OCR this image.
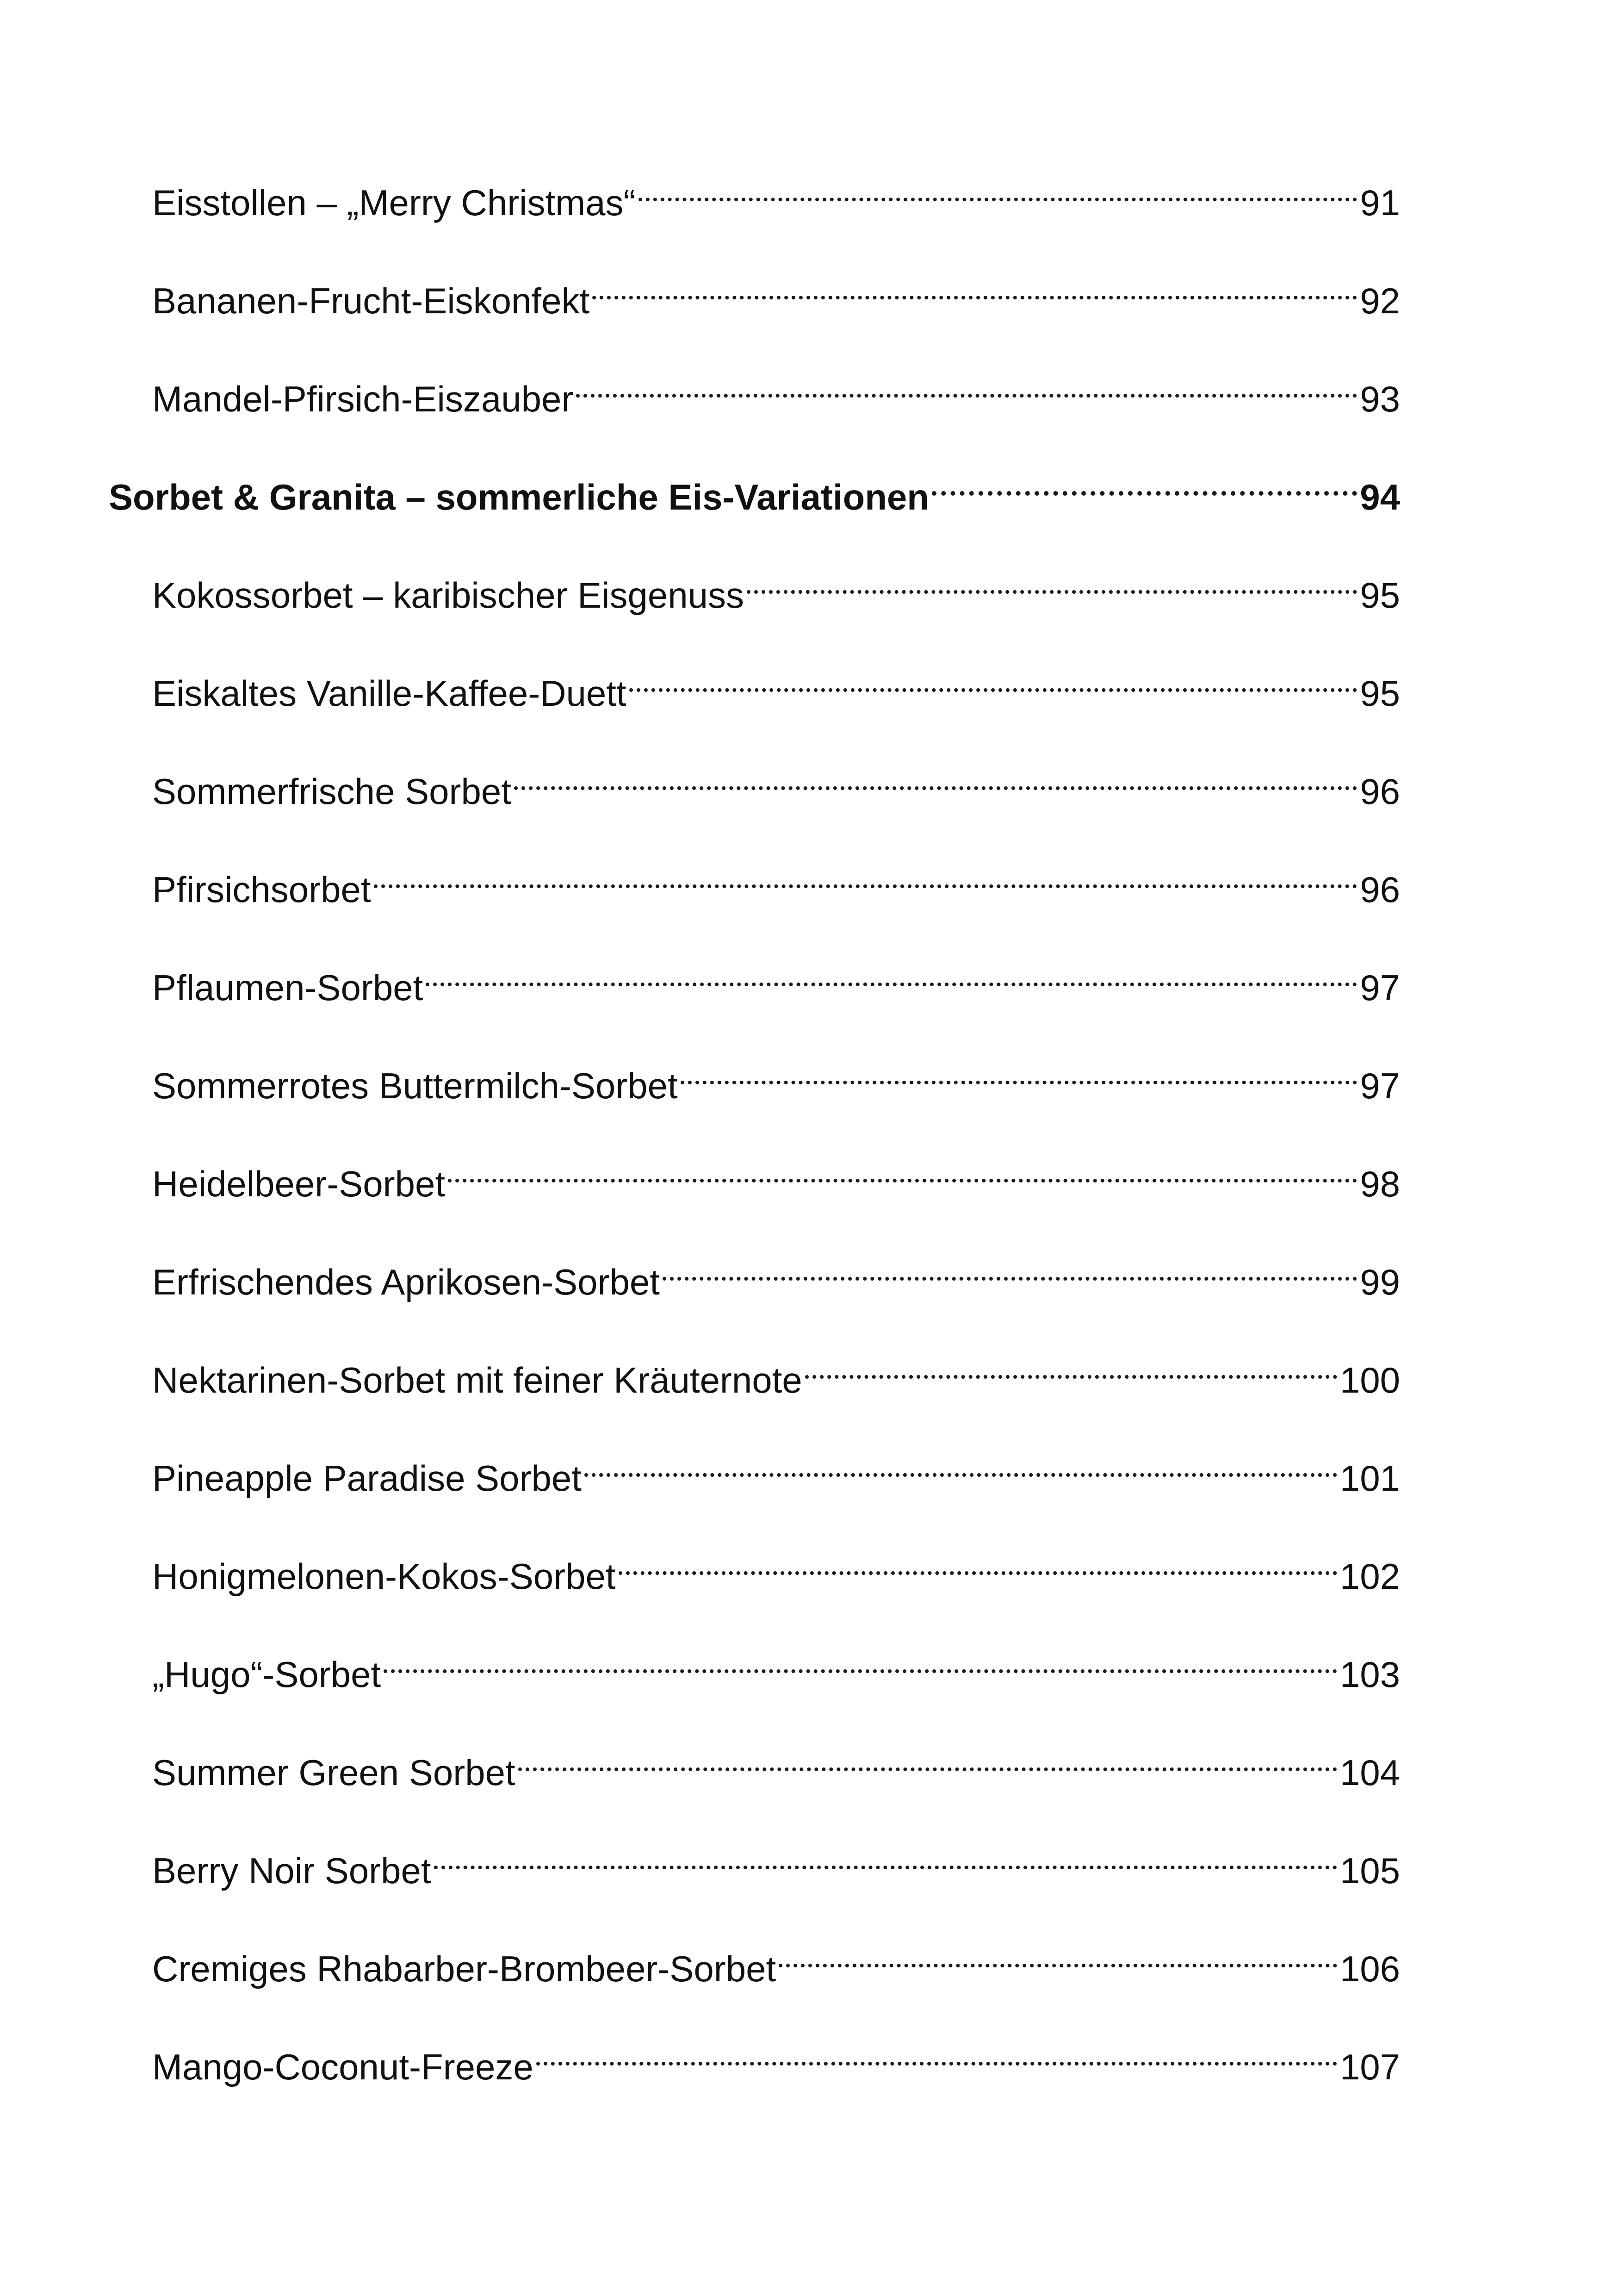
Eisstollen – „Merry Christmas“	91
Bananen-Frucht-Eiskonfekt	92
Mandel-Pfirsich-Eiszauber	93
Sorbet & Granita – sommerliche Eis-Variationen	94
Kokossorbet – karibischer Eisgenuss	95
Eiskaltes Vanille-Kaffee-Duett	95
Sommerfrische Sorbet	96
Pfirsichsorbet	96
Pflaumen-Sorbet	97
Sommerrotes Buttermilch-Sorbet	97
Heidelbeer-Sorbet	98
Erfrischendes Aprikosen-Sorbet	99
Nektarinen-Sorbet mit feiner Kräuternote	100
Pineapple Paradise Sorbet	101
Honigmelonen-Kokos-Sorbet	102
„Hugo“-Sorbet	103
Summer Green Sorbet	104
Berry Noir Sorbet	105
Cremiges Rhabarber-Brombeer-Sorbet	106
Mango-Coconut-Freeze	107
